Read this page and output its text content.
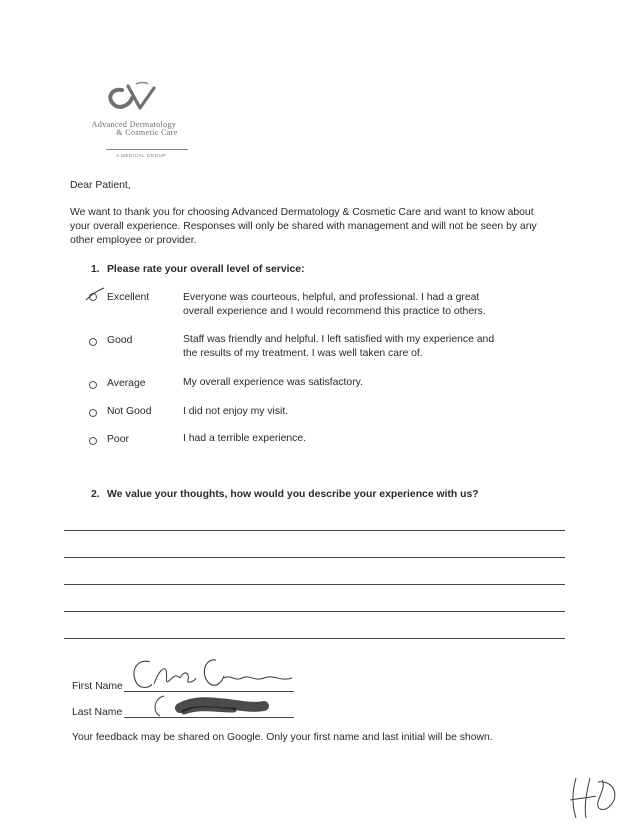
Advanced Dermatology
& Cosmetic Care
A MEDICAL GROUP
Dear Patient,
We want to thank you for choosing Advanced Dermatology & Cosmetic Care and want to know about
your overall experience. Responses will only be shared with management and will not be seen by any
other employee or provider.
1. Please rate your overall level of service:
Excellent	Everyone was courteous, helpful, and professional. I had a great
overall experience and I would recommend this practice to others.
Good	Staff was friendly and helpful. I left satisfied with my experience and
the results of my treatment. I was well taken care of.
Average	My overall experience was satisfactory.
Not Good	I did not enjoy my visit.
Poor	I had a terrible experience.
2. We value your thoughts, how would you describe your experience with us?
First Name
Last Name
Your feedback may be shared on Google. Only your first name and last initial will be shown.
